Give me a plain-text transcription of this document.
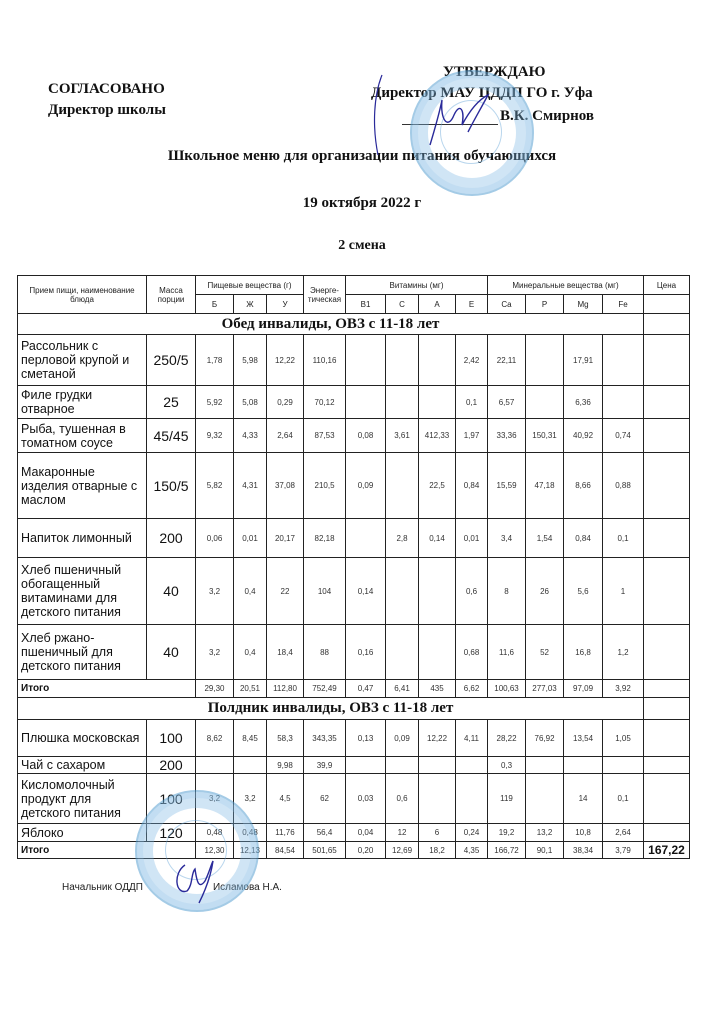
СОГЛАСОВАНО
Директор школы
УТВЕРЖДАЮ
Директор МАУ ЦДДП ГО г. Уфа
В.К. Смирнов
Школьное меню для организации питания обучающихся
19 октября 2022 г
2 смена
Прием пищи, наименование блюда	Масса порции	Пищевые вещества (г)			Энерге-тическая	Витамины (мг)				Минеральные вещества (мг)				Цена
		Б	Ж	У		В1	С	А	Е	Ca	P	Mg	Fe	
Обед инвалиды, ОВЗ с 11-18 лет														
Рассольник с перловой крупой и сметаной	250/5	1,78	5,98	12,22	110,16				2,42	22,11		17,91		
Филе грудки отварное	25	5,92	5,08	0,29	70,12				0,1	6,57		6,36		
Рыба, тушенная в томатном соусе	45/45	9,32	4,33	2,64	87,53	0,08	3,61	412,33	1,97	33,36	150,31	40,92	0,74	
Макаронные изделия отварные с маслом	150/5	5,82	4,31	37,08	210,5	0,09		22,5	0,84	15,59	47,18	8,66	0,88	
Напиток лимонный	200	0,06	0,01	20,17	82,18		2,8	0,14	0,01	3,4	1,54	0,84	0,1	
Хлеб пшеничный обогащенный витаминами для детского питания	40	3,2	0,4	22	104	0,14			0,6	8	26	5,6	1	
Хлеб ржано-пшеничный для детского питания	40	3,2	0,4	18,4	88	0,16			0,68	11,6	52	16,8	1,2	
Итого		29,30	20,51	112,80	752,49	0,47	6,41	435	6,62	100,63	277,03	97,09	3,92	
Полдник инвалиды, ОВЗ с 11-18 лет														
Плюшка московская	100	8,62	8,45	58,3	343,35	0,13	0,09	12,22	4,11	28,22	76,92	13,54	1,05	
Чай с сахаром	200			9,98	39,9					0,3				
Кисломолочный продукт для детского питания	100	3,2	3,2	4,5	62	0,03	0,6			119		14	0,1	
Яблоко	120	0,48	0,48	11,76	56,4	0,04	12	6	0,24	19,2	13,2	10,8	2,64	
Итого		12,30	12,13	84,54	501,65	0,20	12,69	18,2	4,35	166,72	90,1	38,34	3,79	167,22
Начальник ОДДП	Исламова Н.А.
